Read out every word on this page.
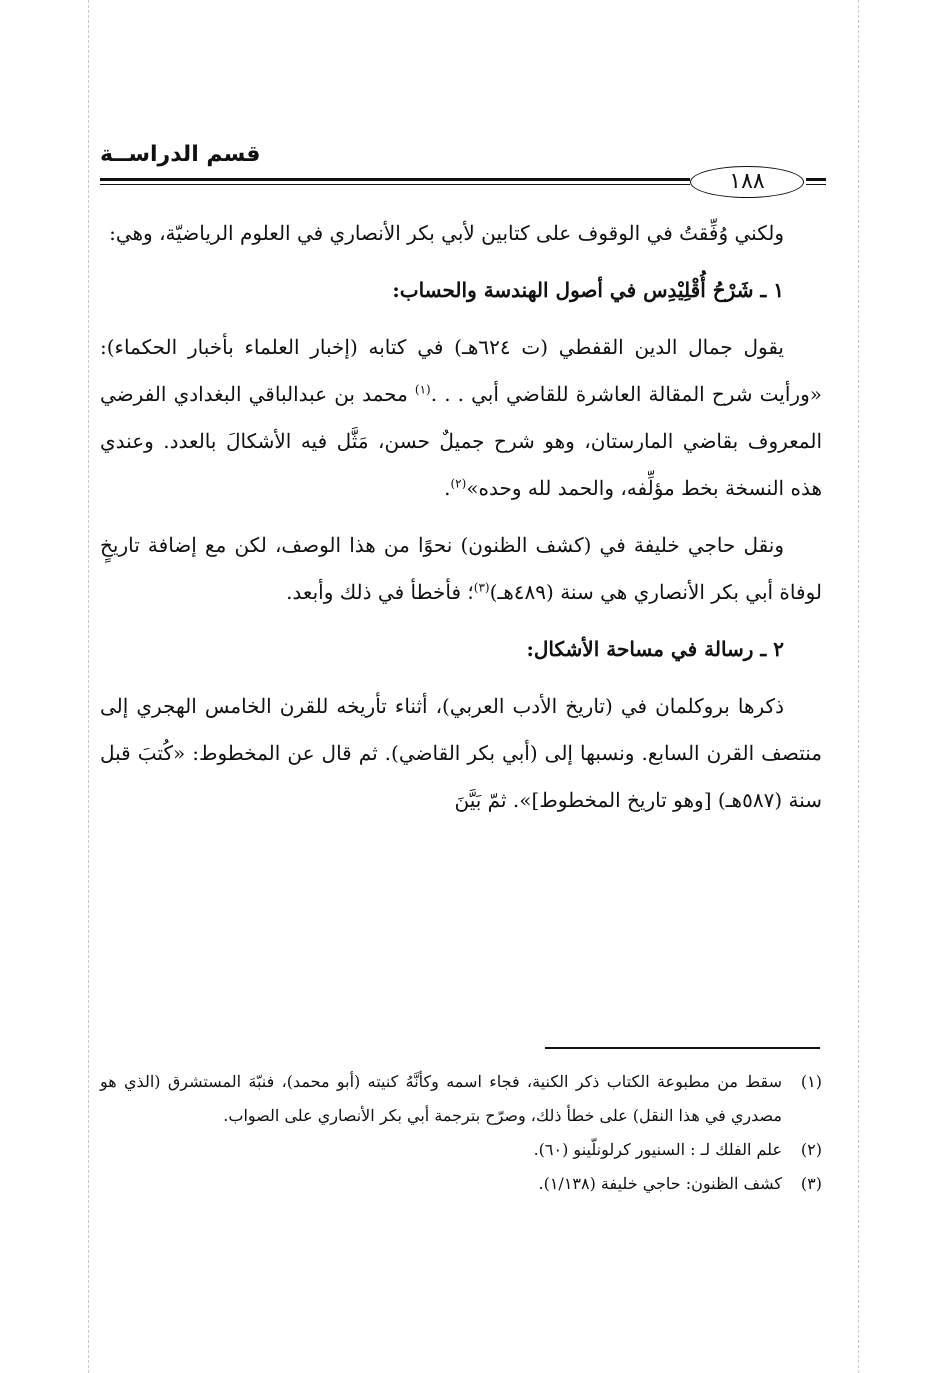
قسم الدراســة
١٨٨

ولكني وُفِّقتُ في الوقوف على كتابين لأبي بكر الأنصاري في العلوم الرياضيّة، وهي:

١ ـ شَرْحُ أُقْلِيْدِس في أصول الهندسة والحساب:

يقول جمال الدين القفطي (ت ٦٢٤هـ) في كتابه (إخبار العلماء بأخبار الحكماء): «ورأيت شرح المقالة العاشرة للقاضي أبي . . .$^{(١)}$ محمد بن عبدالباقي البغدادي الفرضي المعروف بقاضي المارستان، وهو شرح جميلٌ حسن، مَثَّل فيه الأشكالَ بالعدد. وعندي هذه النسخة بخط مؤلِّفه، والحمد لله وحده»$^{(٢)}$.

ونقل حاجي خليفة في (كشف الظنون) نحوًا من هذا الوصف، لكن مع إضافة تاريخٍ لوفاة أبي بكر الأنصاري هي سنة (٤٨٩هـ)$^{(٣)}$؛ فأخطأ في ذلك وأبعد.

٢ ـ رسالة في مساحة الأشكال:

ذكرها بروكلمان في (تاريخ الأدب العربي)، أثناء تأريخه للقرن الخامس الهجري إلى منتصف القرن السابع. ونسبها إلى (أبي بكر القاضي). ثم قال عن المخطوط: «كُتبَ قبل سنة (٥٨٧هـ) [وهو تاريخ المخطوط]». ثمّ بَيَّنَ

(١)
سقط من مطبوعة الكتاب ذكر الكنية، فجاء اسمه وكأنَّهُ كنيته (أبو محمد)، فنبّهَ المستشرق (الذي هو مصدري في هذا النقل) على خطأ ذلك، وصرّح بترجمة أبي بكر الأنصاري على الصواب.
(٢)
علم الفلك لـ : السنيور كرلونلّينو (٦٠).
(٣)
كشف الظنون: حاجي خليفة (١/١٣٨).
